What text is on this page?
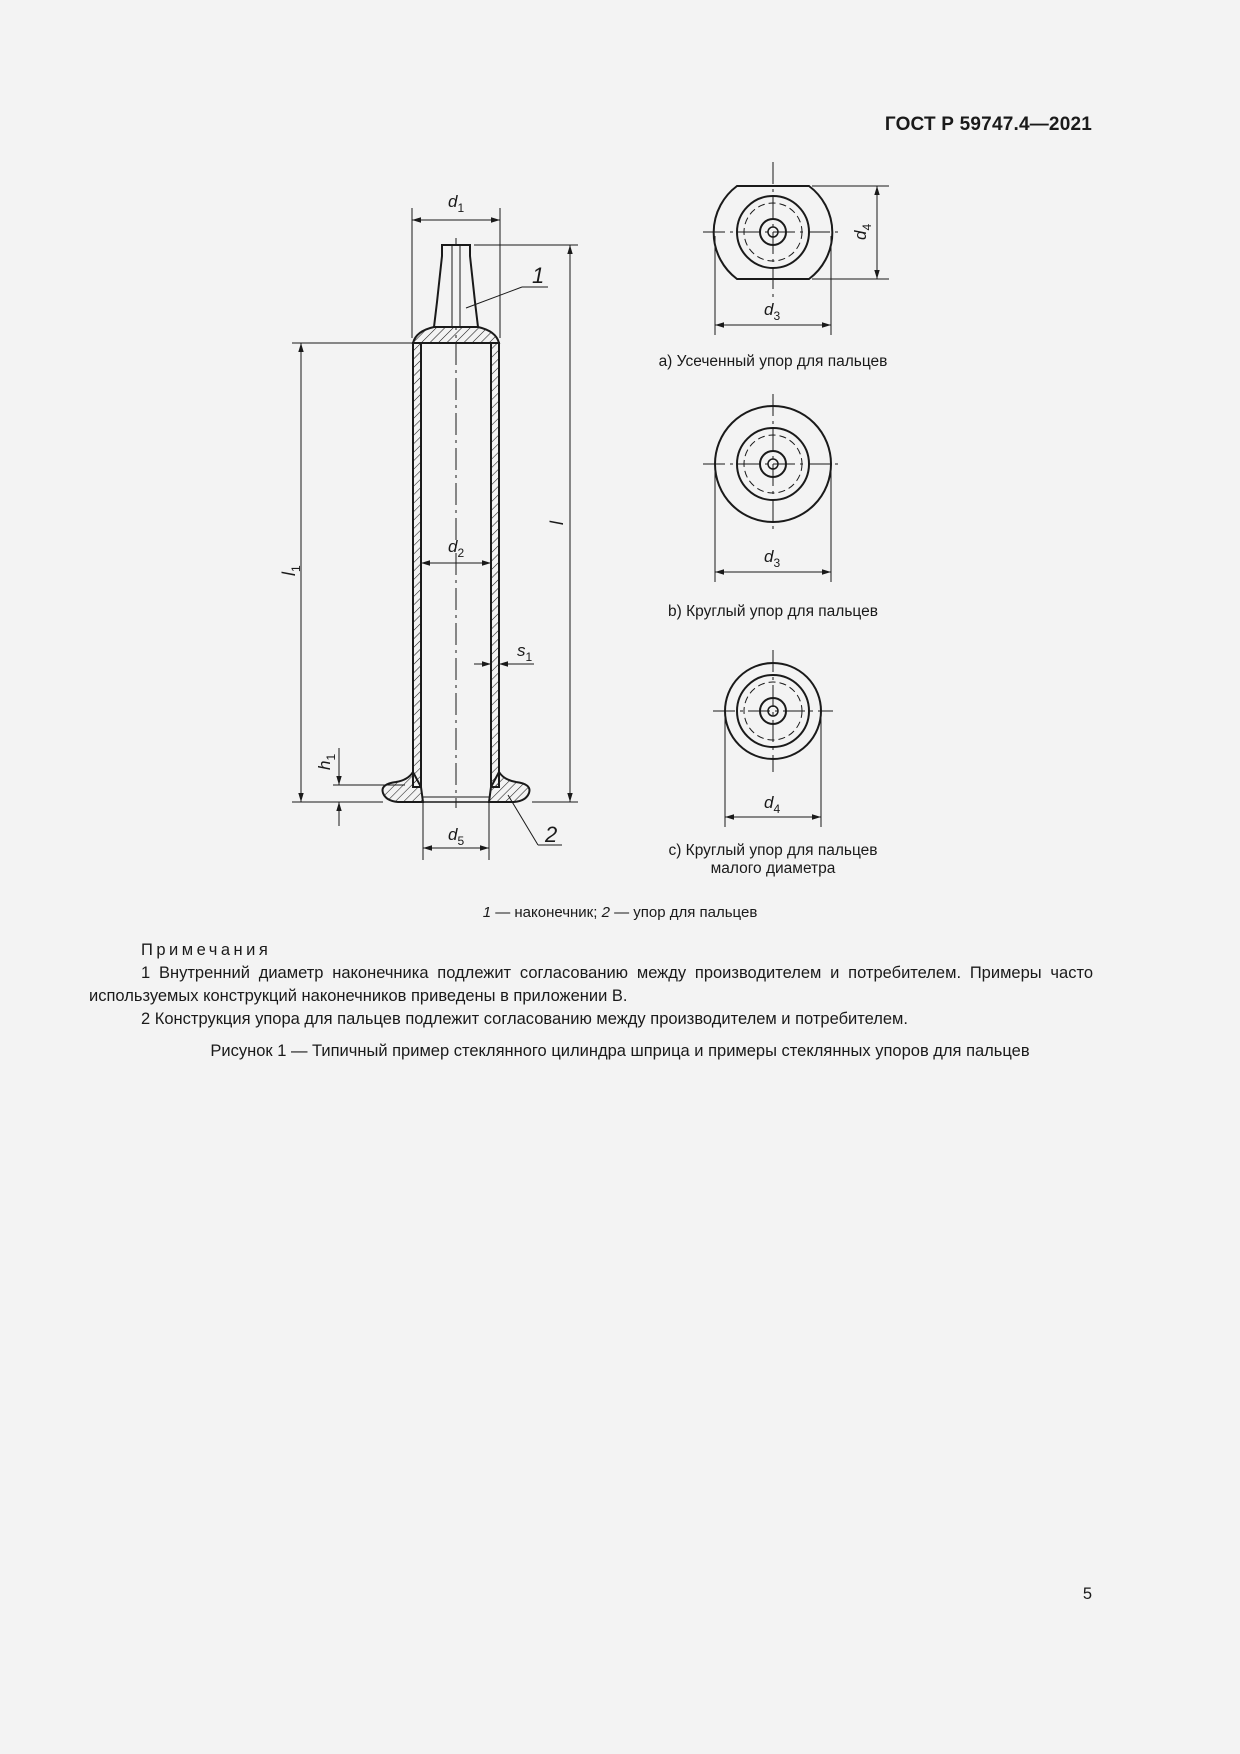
ГОСТ Р 59747.4—2021
$d_1$
l
$l_1$
$h_1$
$d_2$
$s_1$
$d_5$
1
2
$d_4$
$d_3$
a) Усеченный упор для пальцев
$d_3$
b) Круглый упор для пальцев
$d_4$
c) Круглый упор для пальцев
малого диаметра
1 — наконечник; 2 — упор для пальцев
Примечания
1 Внутренний диаметр наконечника подлежит согласованию между производителем и потребителем. Примеры часто используемых конструкций наконечников приведены в приложении В.
2 Конструкция упора для пальцев подлежит согласованию между производителем и потребителем.
Рисунок 1 — Типичный пример стеклянного цилиндра шприца и примеры стеклянных упоров для пальцев
5
